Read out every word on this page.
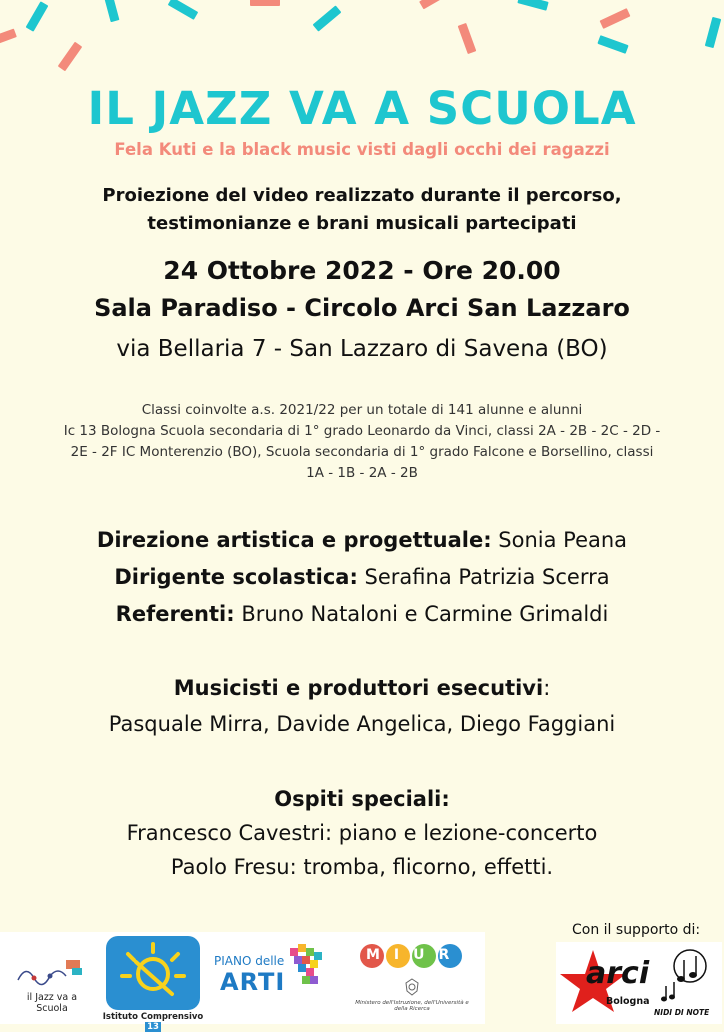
IL JAZZ VA A SCUOLA
Fela Kuti e la black music visti dagli occhi dei ragazzi
Proiezione del video realizzato durante il percorso,
testimonianze e brani musicali partecipati
24 Ottobre 2022 - Ore 20.00
Sala Paradiso - Circolo Arci San Lazzaro
via Bellaria 7 - San Lazzaro di Savena (BO)
Classi coinvolte a.s. 2021/22 per un totale di 141 alunne e alunni
Ic 13 Bologna Scuola secondaria di 1° grado Leonardo da Vinci, classi 2A - 2B - 2C - 2D -
2E - 2F IC Monterenzio (BO), Scuola secondaria di 1° grado Falcone e Borsellino, classi
1A - 1B - 2A - 2B
Direzione artistica e progettuale: Sonia Peana
Dirigente scolastica: Serafina Patrizia Scerra
Referenti: Bruno Nataloni e Carmine Grimaldi
Musicisti e produttori esecutivi:
Pasquale Mirra, Davide Angelica, Diego Faggiani
Ospiti speciali:
Francesco Cavestri: piano e lezione-concerto
Paolo Fresu: tromba, flicorno, effetti.
Con il supporto di:
il Jazz va a Scuola
Istituto Comprensivo 13
PIANO delle
ARTI
MIUR
Ministero dell'Istruzione, dell'Università e della Ricerca
arci
Bologna
NIDI DI NOTE
